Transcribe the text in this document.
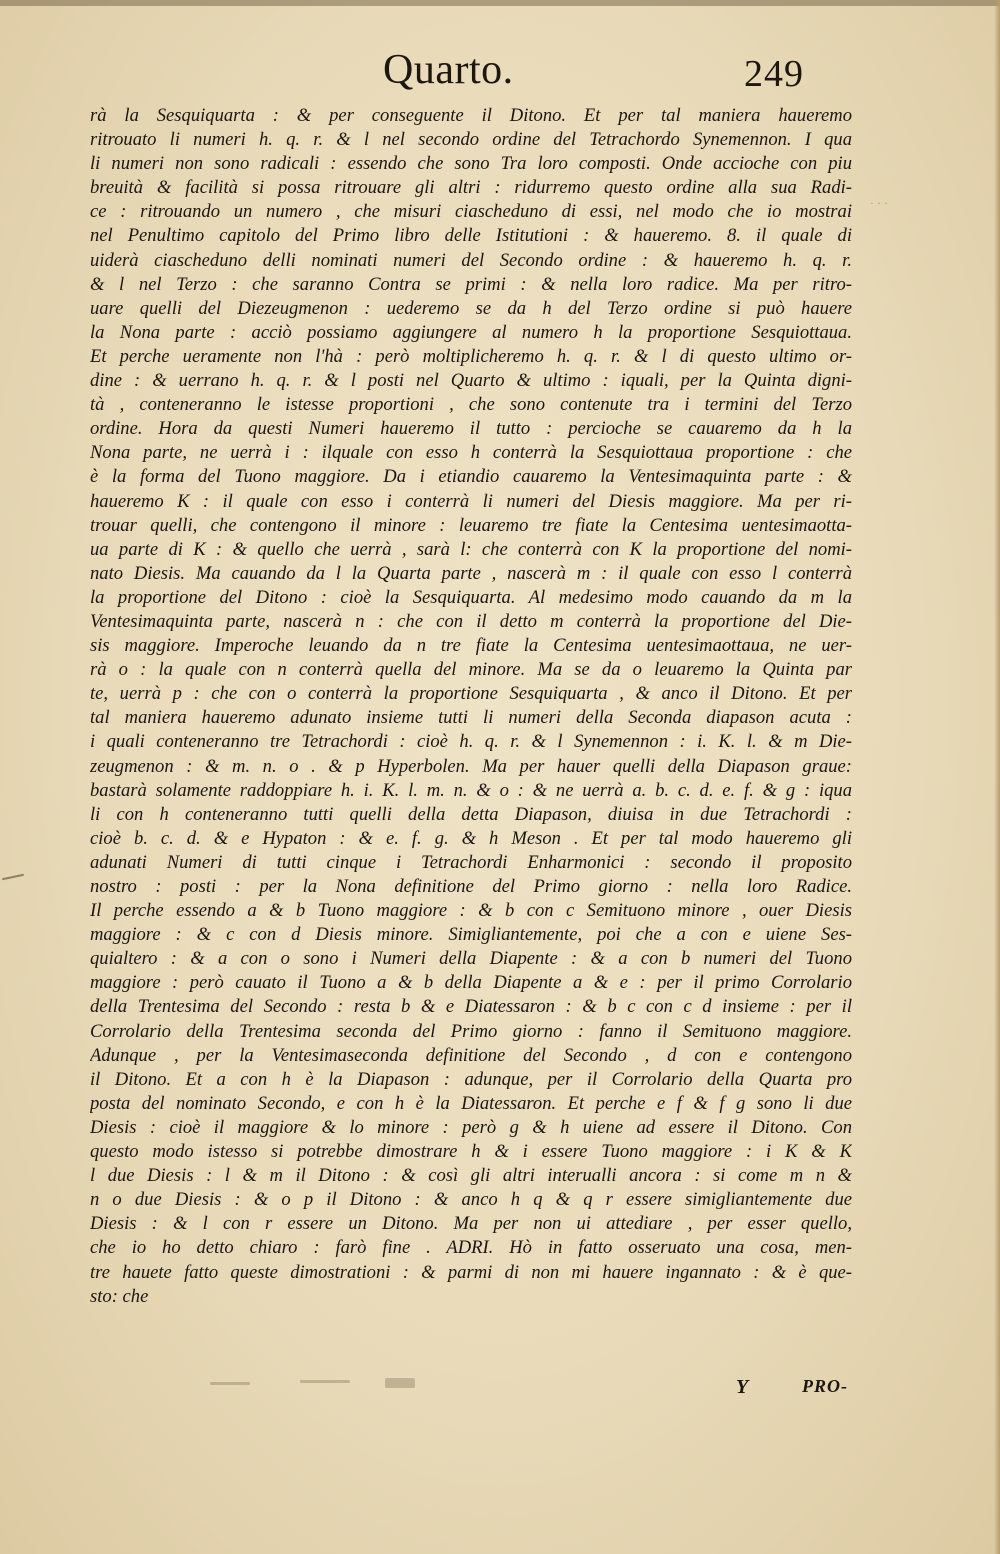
Quarto.	249
· · ·
rà la Sesquiquarta : & per conseguente il Ditono. Et per tal maniera haueremo
ritrouato li numeri h. q. r. & l nel secondo ordine del Tetrachordo Synemennon. I qua
li numeri non sono radicali : essendo che sono Tra loro composti. Onde accioche con piu
breuità & facilità si possa ritrouare gli altri : ridurremo questo ordine alla sua Radi-
ce : ritrouando un numero , che misuri ciascheduno di essi, nel modo che io mostrai
nel Penultimo capitolo del Primo libro delle Istitutioni : & haueremo. 8. il quale di
uiderà ciascheduno delli nominati numeri del Secondo ordine : & haueremo h. q. r.
& l nel Terzo : che saranno Contra se primi : & nella loro radice. Ma per ritro-
uare quelli del Diezeugmenon : uederemo se da h del Terzo ordine si può hauere
la Nona parte : acciò possiamo aggiungere al numero h la proportione Sesquiottaua.
Et perche ueramente non l'hà : però moltiplicheremo h. q. r. & l di questo ultimo or-
dine : & uerrano h. q. r. & l posti nel Quarto & ultimo : iquali, per la Quinta digni-
tà , conteneranno le istesse proportioni , che sono contenute tra i termini del Terzo
ordine. Hora da questi Numeri haueremo il tutto : percioche se cauaremo da h la
Nona parte, ne uerrà i : ilquale con esso h conterrà la Sesquiottaua proportione : che
è la forma del Tuono maggiore. Da i etiandio cauaremo la Ventesimaquinta parte : &
haueremo K : il quale con esso i conterrà li numeri del Diesis maggiore. Ma per ri-
trouar quelli, che contengono il minore : leuaremo tre fiate la Centesima uentesimaotta-
ua parte di K : & quello che uerrà , sarà l: che conterrà con K la proportione del nomi-
nato Diesis. Ma cauando da l la Quarta parte , nascerà m : il quale con esso l conterrà
la proportione del Ditono : cioè la Sesquiquarta. Al medesimo modo cauando da m la
Ventesimaquinta parte, nascerà n : che con il detto m conterrà la proportione del Die-
sis maggiore. Imperoche leuando da n tre fiate la Centesima uentesimaottaua, ne uer-
rà o : la quale con n conterrà quella del minore. Ma se da o leuaremo la Quinta par
te, uerrà p : che con o conterrà la proportione Sesquiquarta , & anco il Ditono. Et per
tal maniera haueremo adunato insieme tutti li numeri della Seconda diapason acuta :
i quali conteneranno tre Tetrachordi : cioè h. q. r. & l Synemennon : i. K. l. & m Die-
zeugmenon : & m. n. o . & p Hyperbolen. Ma per hauer quelli della Diapason graue:
bastarà solamente raddoppiare h. i. K. l. m. n. & o : & ne uerrà a. b. c. d. e. f. & g : iqua
li con h conteneranno tutti quelli della detta Diapason, diuisa in due Tetrachordi :
cioè b. c. d. & e Hypaton : & e. f. g. & h Meson . Et per tal modo haueremo gli
adunati Numeri di tutti cinque i Tetrachordi Enharmonici : secondo il proposito
nostro : posti : per la Nona definitione del Primo giorno : nella loro Radice.
Il perche essendo a & b Tuono maggiore : & b con c Semituono minore , ouer Diesis
maggiore : & c con d Diesis minore. Simigliantemente, poi che a con e uiene Ses-
quialtero : & a con o sono i Numeri della Diapente : & a con b numeri del Tuono
maggiore : però cauato il Tuono a & b della Diapente a & e : per il primo Corrolario
della Trentesima del Secondo : resta b & e Diatessaron : & b c con c d insieme : per il
Corrolario della Trentesima seconda del Primo giorno : fanno il Semituono maggiore.
Adunque , per la Ventesimaseconda definitione del Secondo , d con e contengono
il Ditono. Et a con h è la Diapason : adunque, per il Corrolario della Quarta pro
posta del nominato Secondo, e con h è la Diatessaron. Et perche e f & f g sono li due
Diesis : cioè il maggiore & lo minore : però g & h uiene ad essere il Ditono. Con
questo modo istesso si potrebbe dimostrare h & i essere Tuono maggiore : i K & K
l due Diesis : l & m il Ditono : & così gli altri interualli ancora : si come m n &
n o due Diesis : & o p il Ditono : & anco h q & q r essere simigliantemente due
Diesis : & l con r essere un Ditono. Ma per non ui attediare , per esser quello,
che io ho detto chiaro : farò fine . ADRI. Hò in fatto osseruato una cosa, men-
tre hauete fatto queste dimostrationi : & parmi di non mi hauere ingannato : & è que-
sto: che
Y	PRO-
